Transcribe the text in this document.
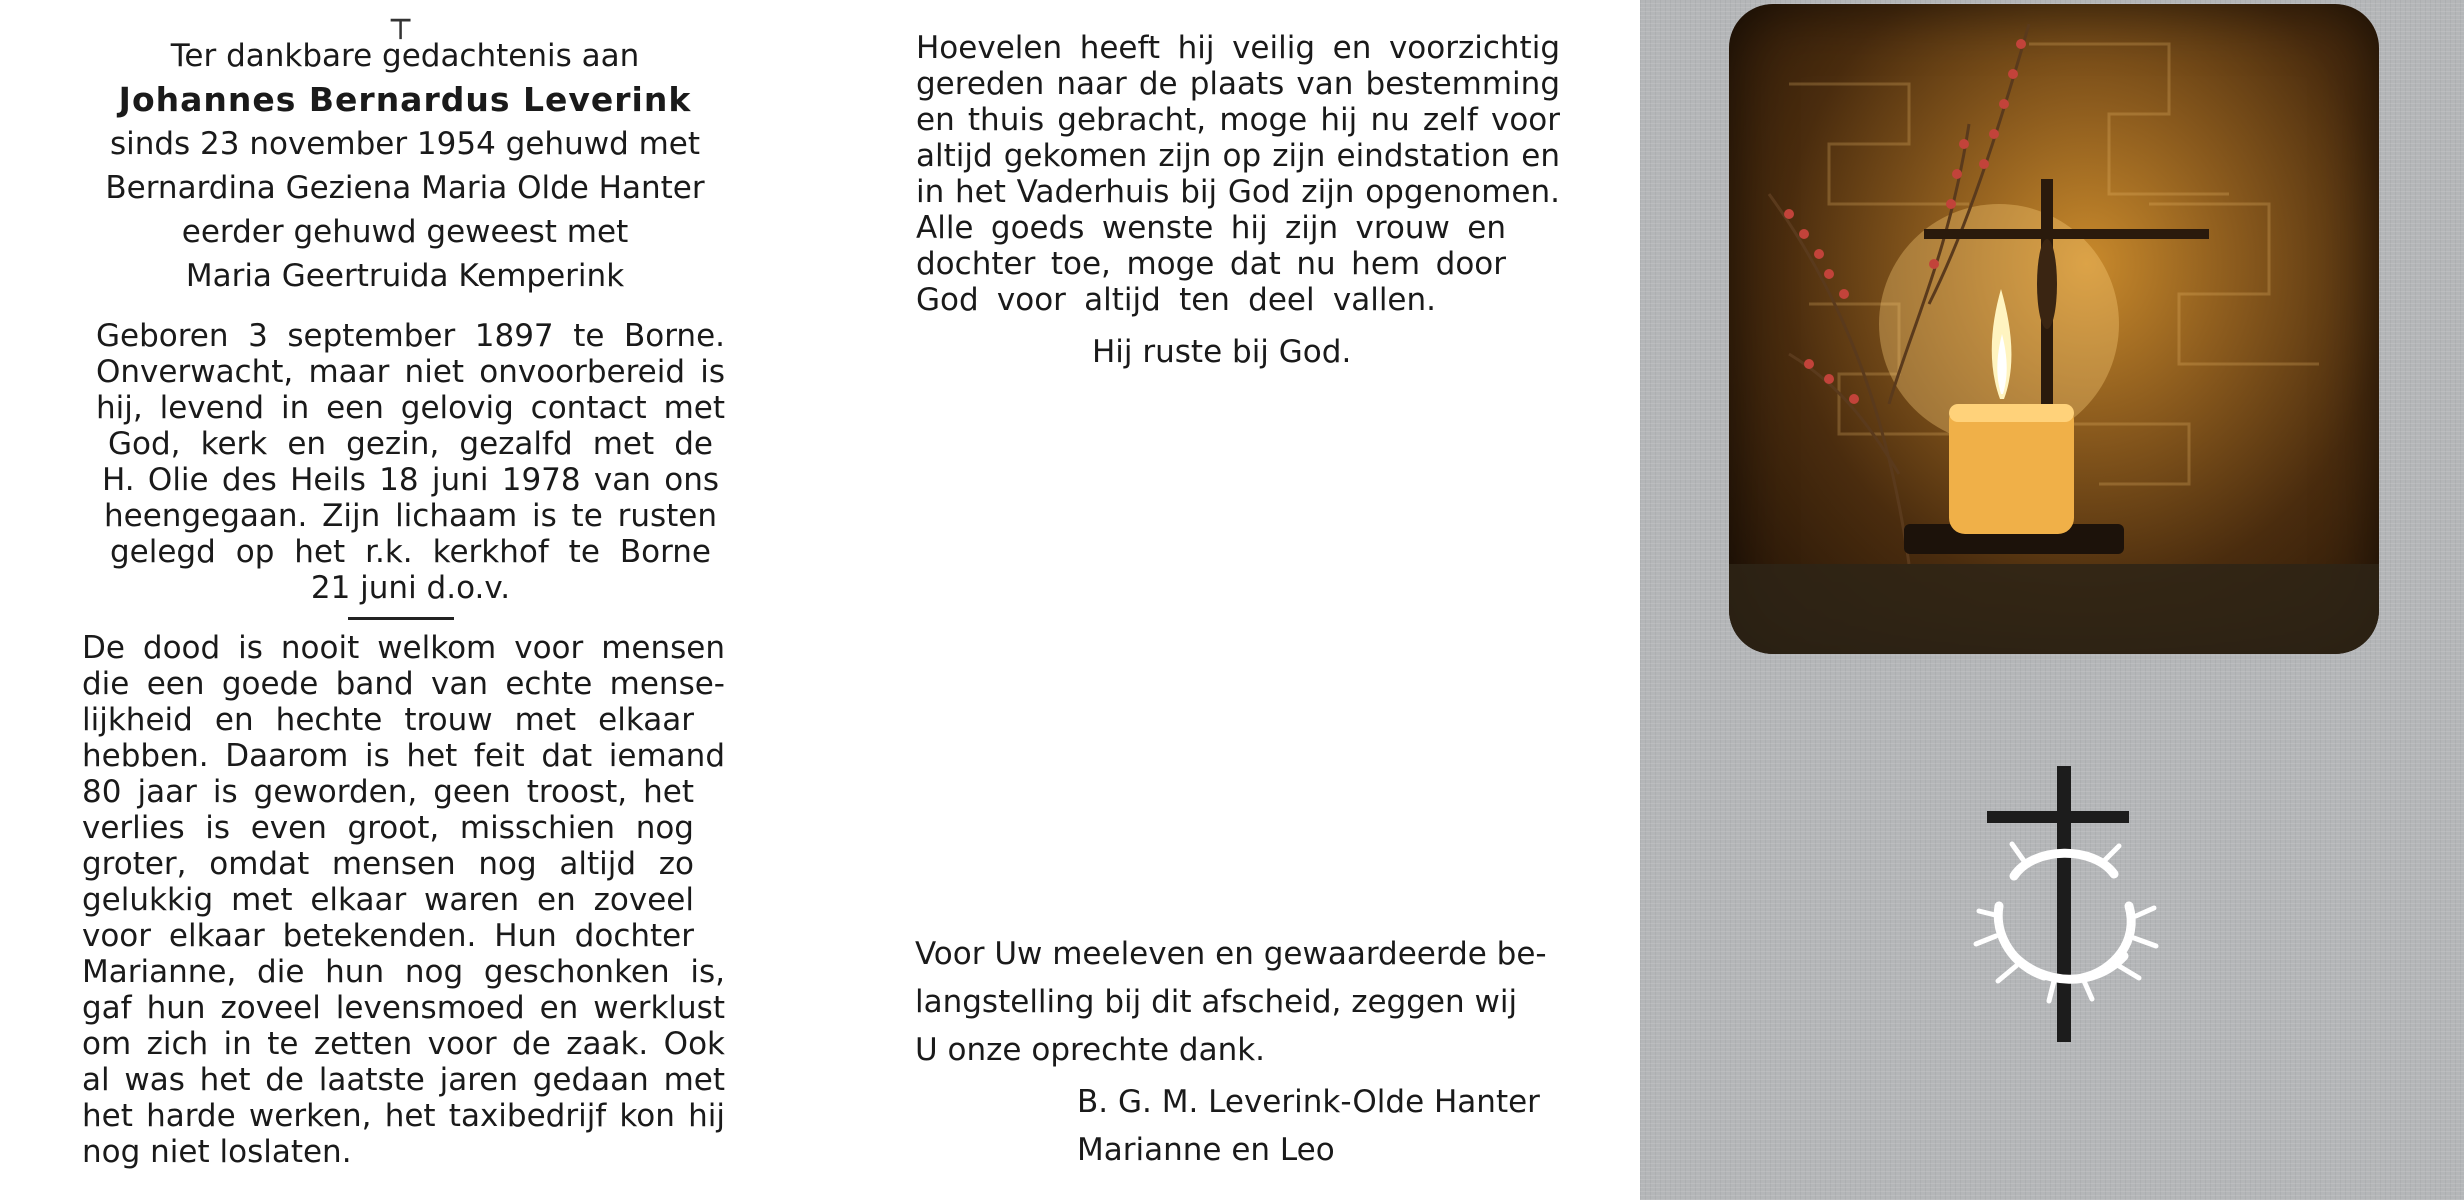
┬

Ter dankbare gedachtenis aan

Johannes Bernardus Leverink

sinds 23 november 1954 gehuwd met

Bernardina Geziena Maria Olde Hanter

eerder gehuwd geweest met

Maria Geertruida Kemperink

Geboren 3 september 1897 te Borne.
Onverwacht, maar niet onvoorbereid is
hij, levend in een gelovig contact met
God, kerk en gezin, gezalfd met de
H. Olie des Heils 18 juni 1978 van ons
heengegaan. Zijn lichaam is te rusten
gelegd op het r.k. kerkhof te Borne
21 juni d.o.v.
De dood is nooit welkom voor mensen
die een goede band van echte mense-
lijkheid en hechte trouw met elkaar
hebben. Daarom is het feit dat iemand
80 jaar is geworden, geen troost, het
verlies is even groot, misschien nog
groter, omdat mensen nog altijd zo
gelukkig met elkaar waren en zoveel
voor elkaar betekenden. Hun dochter
Marianne, die hun nog geschonken is,
gaf hun zoveel levensmoed en werklust
om zich in te zetten voor de zaak. Ook
al was het de laatste jaren gedaan met
het harde werken, het taxibedrijf kon hij
nog niet loslaten.
Hoevelen heeft hij veilig en voorzichtig
gereden naar de plaats van bestemming
en thuis gebracht, moge hij nu zelf voor
altijd gekomen zijn op zijn eindstation en
in het Vaderhuis bij God zijn opgenomen.
Alle goeds wenste hij zijn vrouw en
dochter toe, moge dat nu hem door
God voor altijd ten deel vallen.
Hij ruste bij God.
Voor Uw meeleven en gewaardeerde be-
langstelling bij dit afscheid, zeggen wij
U onze oprechte dank.
B. G. M. Leverink-Olde Hanter
Marianne en Leo
